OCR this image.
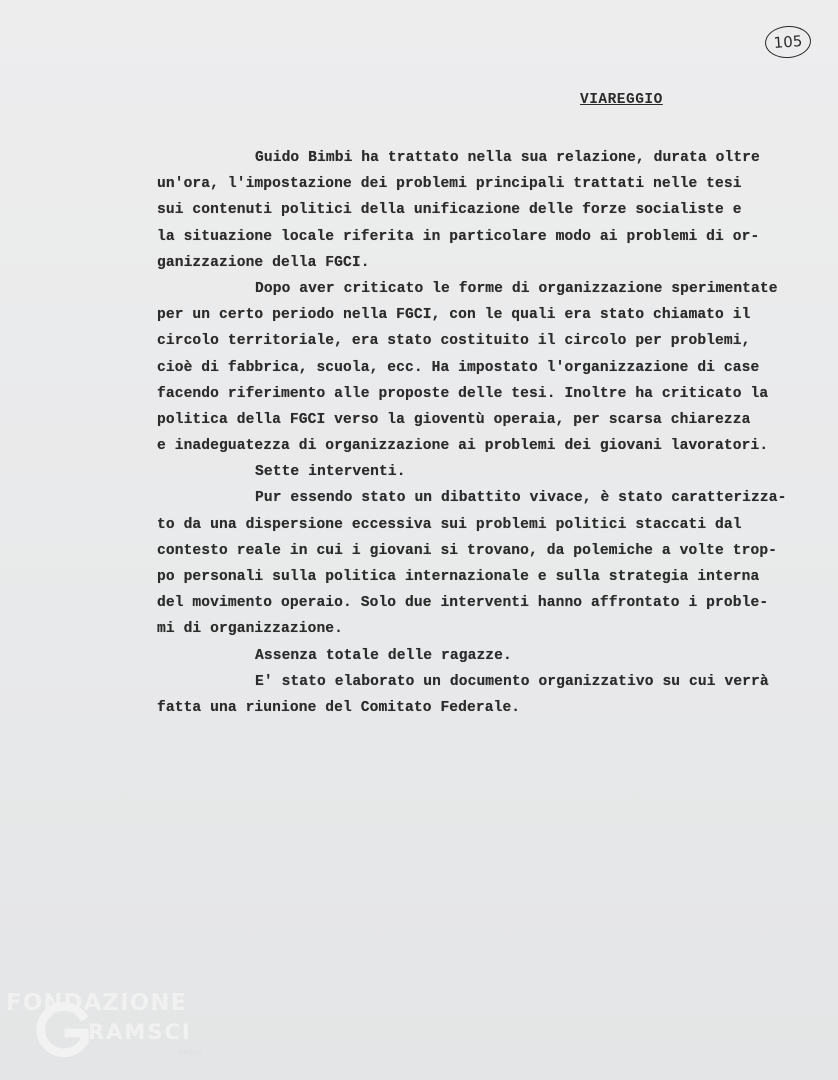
105
VIAREGGIO
Guido Bimbi ha trattato nella sua relazione, durata oltre
un'ora, l'impostazione dei problemi principali trattati nelle tesi
sui contenuti politici della unificazione delle forze socialiste e
la situazione locale riferita in particolare modo ai problemi di or-
ganizzazione della FGCI.
Dopo aver criticato le forme di organizzazione sperimentate
per un certo periodo nella FGCI, con le quali era stato chiamato il
circolo territoriale, era stato costituito il circolo per problemi,
cioè di fabbrica, scuola, ecc. Ha impostato l'organizzazione di case
facendo riferimento alle proposte delle tesi. Inoltre ha criticato la
politica della FGCI verso la gioventù operaia, per scarsa chiarezza
e inadeguatezza di organizzazione ai problemi dei giovani lavoratori.
Sette interventi.
Pur essendo stato un dibattito vivace, è stato caratterizza-
to da una dispersione eccessiva sui problemi politici staccati dal
contesto reale in cui i giovani si trovano, da polemiche a volte trop-
po personali sulla politica internazionale e sulla strategia interna
del movimento operaio. Solo due interventi hanno affrontato i proble-
mi di organizzazione.
Assenza totale delle ragazze.
E' stato elaborato un documento organizzativo su cui verrà
fatta una riunione del Comitato Federale.
FONDAZIONE
RAMSCI
onlus
